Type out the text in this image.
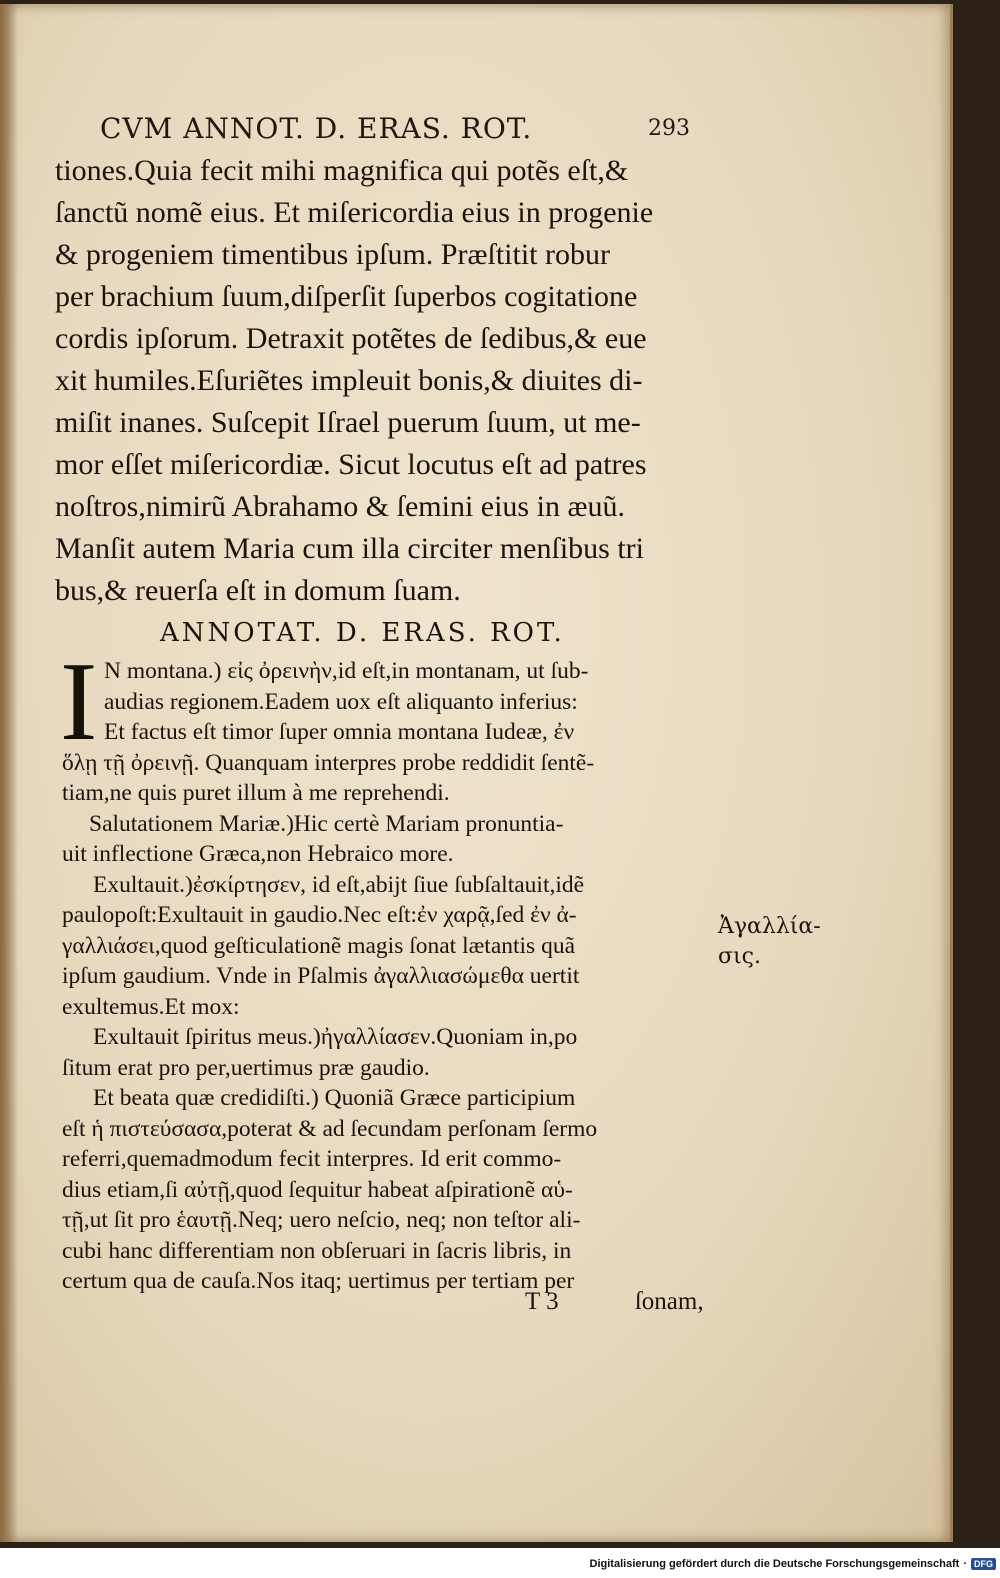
CVM ANNOT. D. ERAS. ROT.	293
tiones.Quia fecit mihi magnifica qui potẽs eſt,&
ſanctũ nomẽ eius. Et miſericordia eius in progenie
& progeniem timentibus ipſum. Præſtitit robur
per brachium ſuum,diſperſit ſuperbos cogitatione
cordis ipſorum. Detraxit potẽtes de ſedibus,& eue
xit humiles.Eſuriẽtes impleuit bonis,& diuites di-
miſit inanes. Suſcepit Iſrael puerum ſuum, ut me-
mor eſſet miſericordiæ. Sicut locutus eſt ad patres
noſtros,nimirũ Abrahamo & ſemini eius in æuũ.
Manſit autem Maria cum illa circiter menſibus tri
bus,& reuerſa eſt in domum ſuam.
ANNOTAT. D. ERAS. ROT.
I N montana.) εἰς ὀρεινὴν,id eſt,in montanam, ut ſub-
audias regionem.Eadem uox eſt aliquanto inferius:
Et factus eſt timor ſuper omnia montana Iudeæ, ἐν
ὅλῃ τῇ ὀρεινῇ. Quanquam interpres probe reddidit ſentẽ-
tiam,ne quis puret illum à me reprehendi.
Salutationem Mariæ.)Hic certè Mariam pronuntia-
uit inflectione Græca,non Hebraico more.
Exultauit.)ἐσκίρτησεν, id eſt,abijt ſiue ſubſaltauit,idẽ
paulopoſt:Exultauit in gaudio.Nec eſt:ἐν χαρᾷ,ſed ἐν ἀ-
γαλλιάσει,quod geſticulationẽ magis ſonat lætantis quã
ipſum gaudium. Vnde in Pſalmis ἀγαλλιασώμεθα uertit
exultemus.Et mox:
Exultauit ſpiritus meus.)ἠγαλλίασεν.Quoniam in,po
ſitum erat pro per,uertimus præ gaudio.
Et beata quæ credidiſti.) Quoniã Græce participium
eſt ἡ πιστεύσασα,poterat & ad ſecundam perſonam ſermo
referri,quemadmodum fecit interpres. Id erit commo-
dius etiam,ſi αὐτῇ,quod ſequitur habeat aſpirationẽ αὑ-
τῇ,ut ſit pro ἑαυτῇ.Neq; uero neſcio, neq; non teſtor ali-
cubi hanc differentiam non obſeruari in ſacris libris, in
certum qua de cauſa.Nos itaq; uertimus per tertiam per
Ἀγαλλία-
σις.
T 3	ſonam,
Digitalisierung gefördert durch die Deutsche Forschungsgemeinschaft · DFG
